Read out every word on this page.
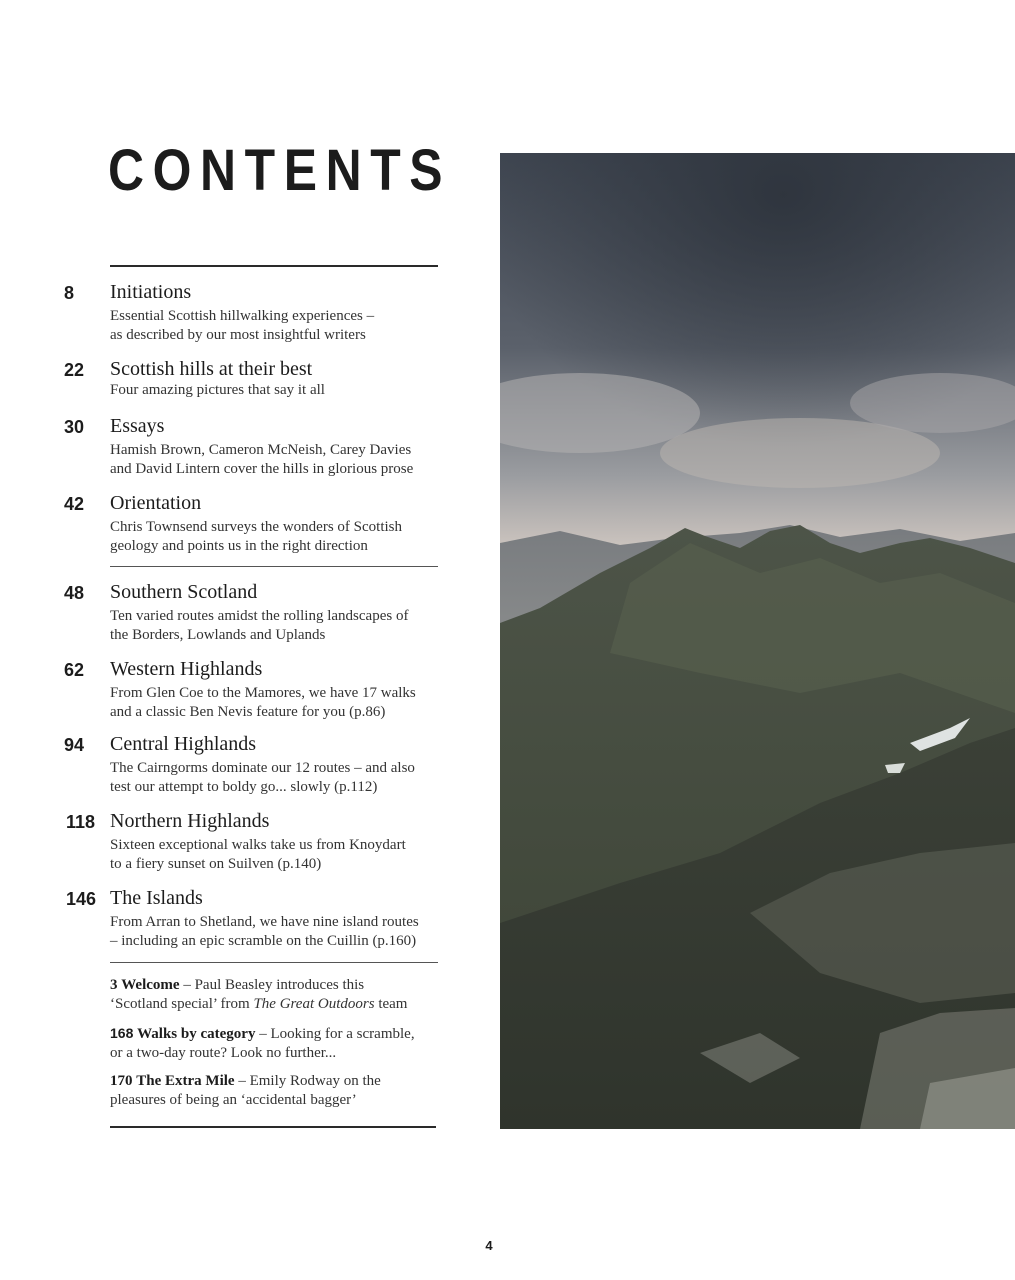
CONTENTS
8 Initiations
Essential Scottish hillwalking experiences –
as described by our most insightful writers
22 Scottish hills at their best
Four amazing pictures that say it all
30 Essays
Hamish Brown, Cameron McNeish, Carey Davies
and David Lintern cover the hills in glorious prose
42 Orientation
Chris Townsend surveys the wonders of Scottish
geology and points us in the right direction
48 Southern Scotland
Ten varied routes amidst the rolling landscapes of
the Borders, Lowlands and Uplands
62 Western Highlands
From Glen Coe to the Mamores, we have 17 walks
and a classic Ben Nevis feature for you (p.86)
94 Central Highlands
The Cairngorms dominate our 12 routes – and also
test our attempt to boldy go... slowly (p.112)
118 Northern Highlands
Sixteen exceptional walks take us from Knoydart
to a fiery sunset on Suilven (p.140)
146 The Islands
From Arran to Shetland, we have nine island routes
– including an epic scramble on the Cuillin (p.160)
3 Welcome – Paul Beasley introduces this
‘Scotland special’ from The Great Outdoors team
168 Walks by category – Looking for a scramble,
or a two-day route? Look no further...
170 The Extra Mile – Emily Rodway on the
pleasures of being an ‘accidental bagger’
4
